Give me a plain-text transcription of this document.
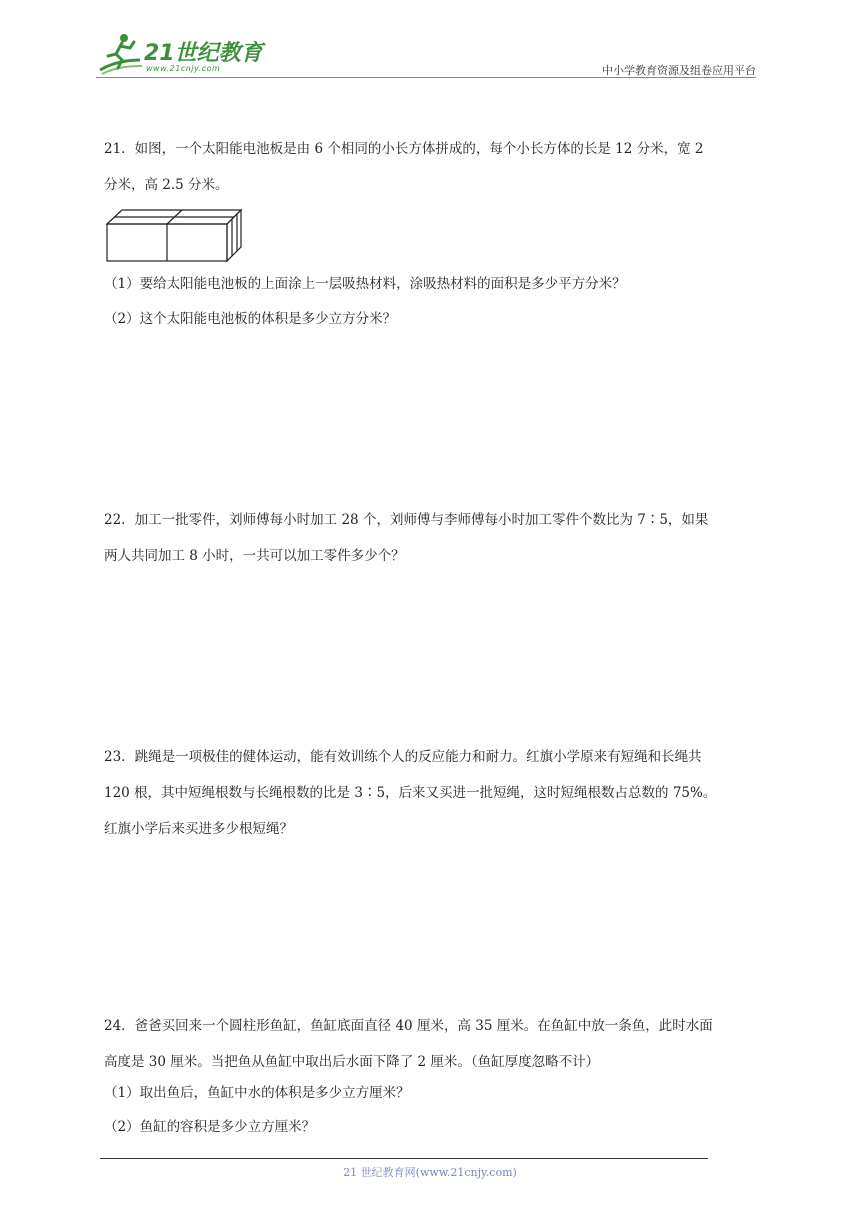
21世纪教育
www.21cnjy.com	中小学教育资源及组卷应用平台
21．如图，一个太阳能电池板是由 6 个相同的小长方体拼成的，每个小长方体的长是 12 分米，宽 2
分米，高 2.5 分米。
（1）要给太阳能电池板的上面涂上一层吸热材料，涂吸热材料的面积是多少平方分米？
（2）这个太阳能电池板的体积是多少立方分米？
22．加工一批零件，刘师傅每小时加工 28 个，刘师傅与李师傅每小时加工零件个数比为 7∶5，如果
两人共同加工 8 小时，一共可以加工零件多少个？
23．跳绳是一项极佳的健体运动，能有效训练个人的反应能力和耐力。红旗小学原来有短绳和长绳共
120 根，其中短绳根数与长绳根数的比是 3∶5，后来又买进一批短绳，这时短绳根数占总数的 75%。
红旗小学后来买进多少根短绳？
24．爸爸买回来一个圆柱形鱼缸，鱼缸底面直径 40 厘米，高 35 厘米。在鱼缸中放一条鱼，此时水面
高度是 30 厘米。当把鱼从鱼缸中取出后水面下降了 2 厘米。（鱼缸厚度忽略不计）
（1）取出鱼后，鱼缸中水的体积是多少立方厘米？
（2）鱼缸的容积是多少立方厘米？
21 世纪教育网(www.21cnjy.com)
